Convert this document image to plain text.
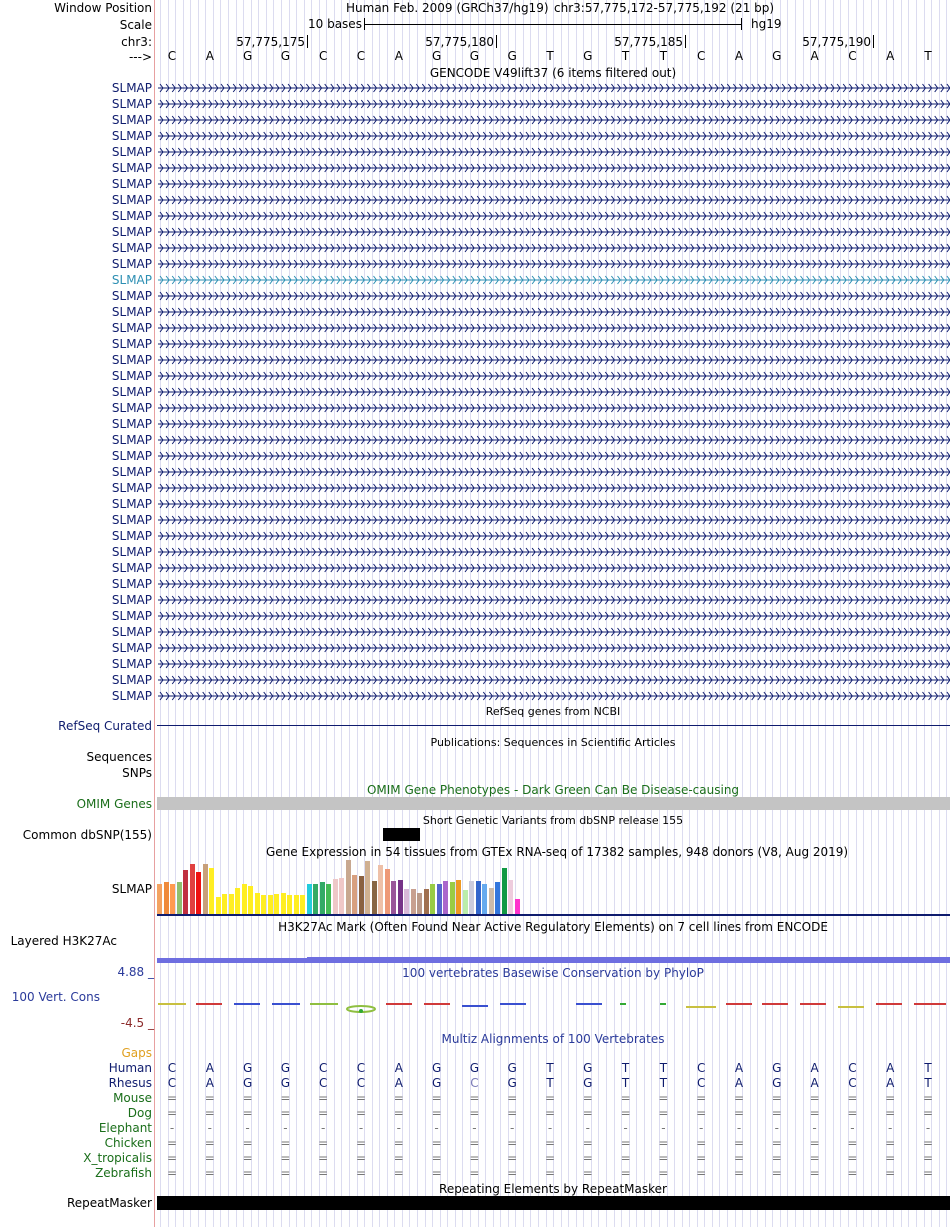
Window Position	Human Feb. 2009 (GRCh37/hg19) chr3:57,775,172-57,775,192 (21 bp)
Scale	10 bases	hg19
chr3:	57,775,175	57,775,180	57,775,185	57,775,190
---> C A G G C C A G G G T G T	T C A G A C A	T
GENCODE V49lift37 (6 items filtered out)
SLMAP
SLMAP
SLMAP
SLMAP
SLMAP
SLMAP
SLMAP
SLMAP
SLMAP
SLMAP
SLMAP
SLMAP
SLMAP
SLMAP
SLMAP
SLMAP
SLMAP
SLMAP
SLMAP
SLMAP
SLMAP
SLMAP
SLMAP
SLMAP
SLMAP
SLMAP
SLMAP
SLMAP
SLMAP
SLMAP
SLMAP
SLMAP
SLMAP
SLMAP
SLMAP
SLMAP
SLMAP
SLMAP
SLMAP
RefSeq genes from NCBI
RefSeq Curated
Publications: Sequences in Scientific Articles
Sequences
SNPs
OMIM Gene Phenotypes - Dark Green Can Be Disease-causing
OMIM Genes
Short Genetic Variants from dbSNP release 155
Common dbSNP(155)
Gene Expression in 54 tissues from GTEx RNA-seq of 17382 samples, 948 donors (V8, Aug 2019)
SLMAP
H3K27Ac Mark (Often Found Near Active Regulatory Elements) on 7 cell lines from ENCODE
Layered H3K27Ac
100 vertebrates Basewise Conservation by PhyloP
4.88 _
100 Vert. Cons
-4.5 _
Multiz Alignments of 100 Vertebrates
Gaps
Human C A G G C C A G G G T G T	T C A G A C A	T
Rhesus C A G G C C A G C G T G T	T C A G A C A	T
Mouse = = = = = = = = = = = = = = = = = = = = =
Dog = = = = = = = = = = = = = = = = = = = = =
Elephant	-	-	-	-	-	-	-	-	-	-	-	-	-	-	-	-	-	-	-	-	-
Chicken = = = = = = = = = = = = = = = = = = = = =
X_tropicalis = = = = = = = = = = = = = = = = = = = = =
Zebrafish = = = = = = = = = = = = = = = = = = = = =
Repeating Elements by RepeatMasker
RepeatMasker
